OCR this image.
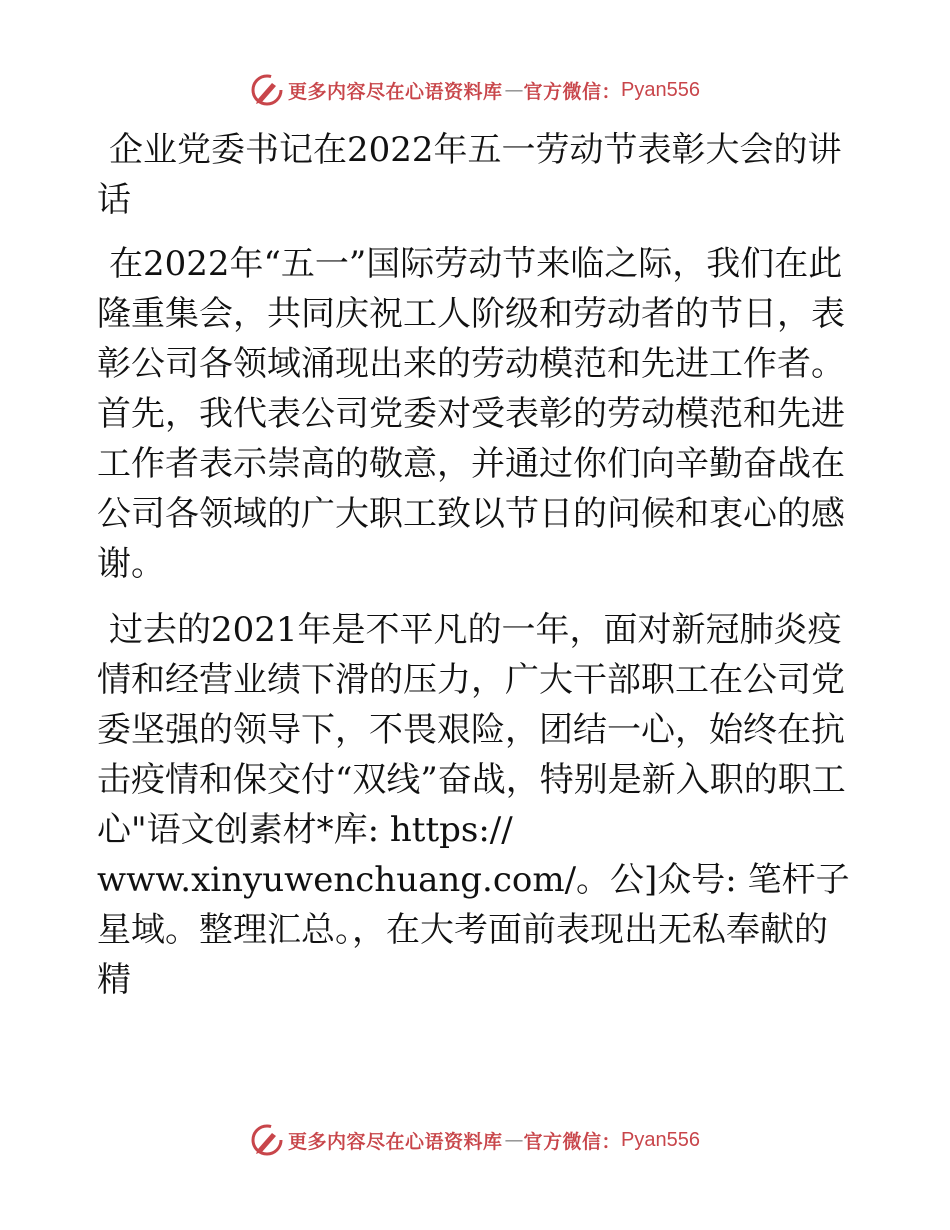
更多内容尽在心语资料库 — 官方微信： Pyan556

企业党委书记在2022年五一劳动节表彰大会的讲话

在2022年“五一”国际劳动节来临之际，我们在此隆重集会，共同庆祝工人阶级和劳动者的节日，表彰公司各领域涌现出来的劳动模范和先进工作者。首先，我代表公司党委对受表彰的劳动模范和先进工作者表示崇高的敬意，并通过你们向辛勤奋战在公司各领域的广大职工致以节日的问候和衷心的感谢。

过去的2021年是不平凡的一年，面对新冠肺炎疫情和经营业绩下滑的压力，广大干部职工在公司党委坚强的领导下，不畏艰险，团结一心，始终在抗击疫情和保交付“双线”奋战，特别是新入职的职工心"语文创素材*库: https://

www.xinyuwenchuang.com/。公]众号: 笔杆子星域。整理汇总。，在大考面前表现出无私奉献的精

更多内容尽在心语资料库 — 官方微信： Pyan556
